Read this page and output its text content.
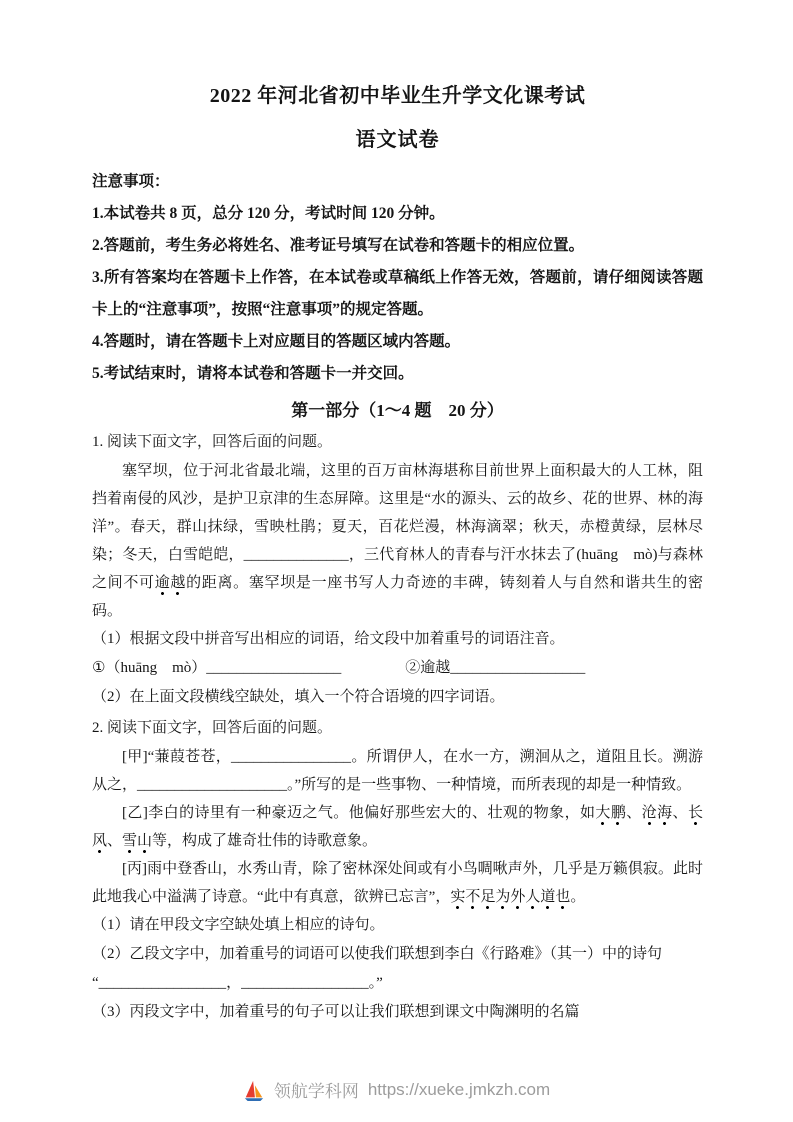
2022 年河北省初中毕业生升学文化课考试
语文试卷
注意事项：
1.本试卷共 8 页，总分 120 分，考试时间 120 分钟。
2.答题前，考生务必将姓名、准考证号填写在试卷和答题卡的相应位置。
3.所有答案均在答题卡上作答，在本试卷或草稿纸上作答无效，答题前，请仔细阅读答题卡上的“注意事项”，按照“注意事项”的规定答题。
4.答题时，请在答题卡上对应题目的答题区域内答题。
5.考试结束时，请将本试卷和答题卡一并交回。
第一部分（1～4 题　20 分）
1. 阅读下面文字，回答后面的问题。

塞罕坝，位于河北省最北端，这里的百万亩林海堪称目前世界上面积最大的人工林，阻挡着南侵的风沙，是护卫京津的生态屏障。这里是“水的源头、云的故乡、花的世界、林的海洋”。春天，群山抹绿，雪映杜鹃；夏天，百花烂漫，林海滴翠；秋天，赤橙黄绿，层林尽染；冬天，白雪皑皑，______________，三代育林人的青春与汗水抹去了(huāng　mò)与森林之间不可逾越的距离。塞罕坝是一座书写人力奇迹的丰碑，铸刻着人与自然和谐共生的密码。

（1）根据文段中拼音写出相应的词语，给文段中加着重号的词语注音。
①（huāng　mò）__________________	②逾越__________________
（2）在上面文段横线空缺处，填入一个符合语境的四字词语。
2. 阅读下面文字，回答后面的问题。

[甲]“蒹葭苍苍，________________。所谓伊人，在水一方，溯洄从之，道阻且长。溯游从之，____________________。”所写的是一些事物、一种情境，而所表现的却是一种情致。

[乙]李白的诗里有一种豪迈之气。他偏好那些宏大的、壮观的物象，如大鹏、沧海、长风、雪山等，构成了雄奇壮伟的诗歌意象。

[丙]雨中登香山，水秀山青，除了密林深处间或有小鸟啁啾声外，几乎是万籁俱寂。此时此地我心中溢满了诗意。“此中有真意，欲辨已忘言”，实不足为外人道也。

（1）请在甲段文字空缺处填上相应的诗句。
（2）乙段文字中，加着重号的词语可以使我们联想到李白《行路难》（其一）中的诗句
“_________________，_________________。”
（3）丙段文字中，加着重号的句子可以让我们联想到课文中陶渊明的名篇
领航学科网 https://xueke.jmkzh.com
